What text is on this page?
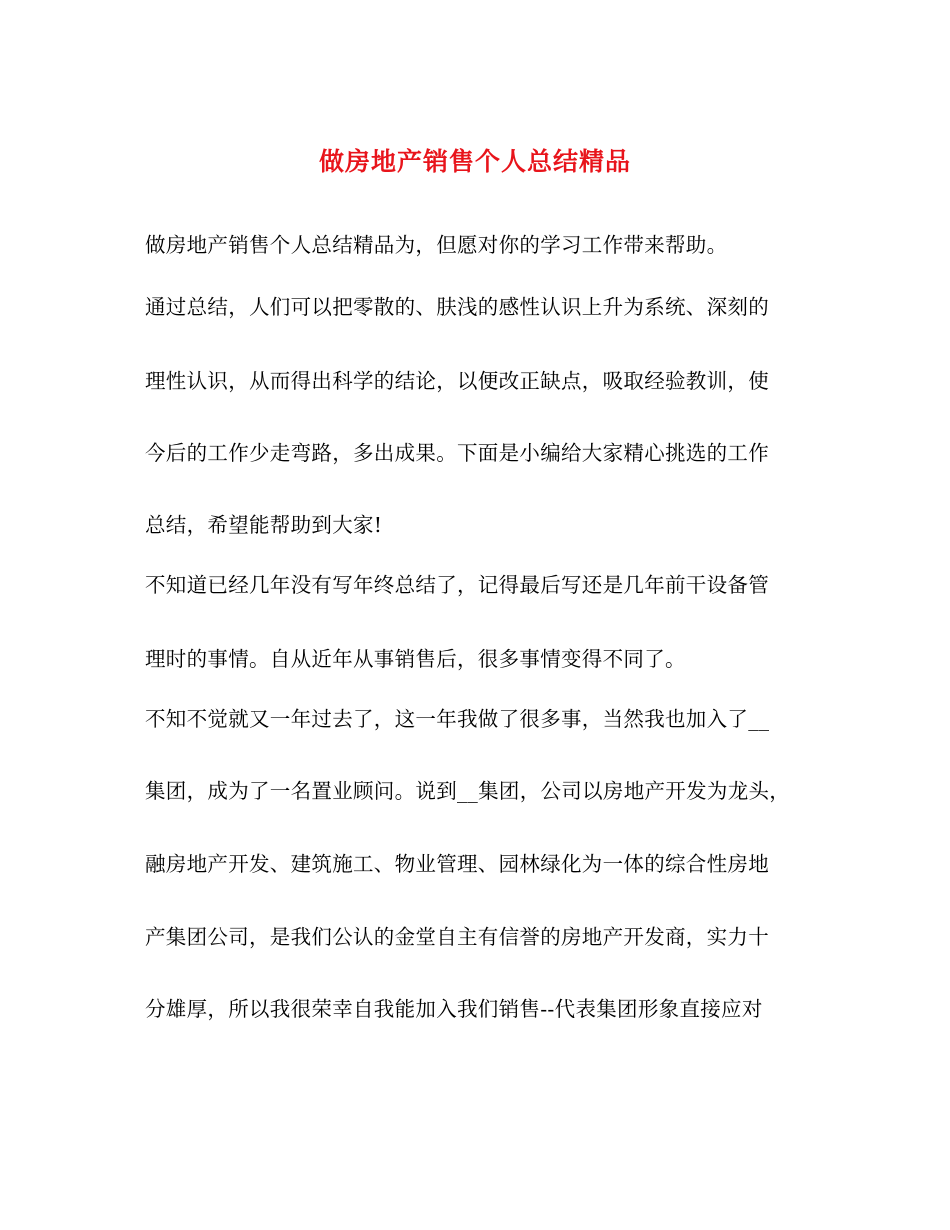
做房地产销售个人总结精品
做房地产销售个人总结精品为，但愿对你的学习工作带来帮助。
通过总结，人们可以把零散的、肤浅的感性认识上升为系统、深刻的
理性认识，从而得出科学的结论，以便改正缺点，吸取经验教训，使
今后的工作少走弯路，多出成果。下面是小编给大家精心挑选的工作
总结，希望能帮助到大家!
不知道已经几年没有写年终总结了，记得最后写还是几年前干设备管
理时的事情。自从近年从事销售后，很多事情变得不同了。
不知不觉就又一年过去了，这一年我做了很多事，当然我也加入了__
集团，成为了一名置业顾问。说到__集团，公司以房地产开发为龙头，
融房地产开发、建筑施工、物业管理、园林绿化为一体的综合性房地
产集团公司，是我们公认的金堂自主有信誉的房地产开发商，实力十
分雄厚，所以我很荣幸自我能加入我们销售--代表集团形象直接应对
